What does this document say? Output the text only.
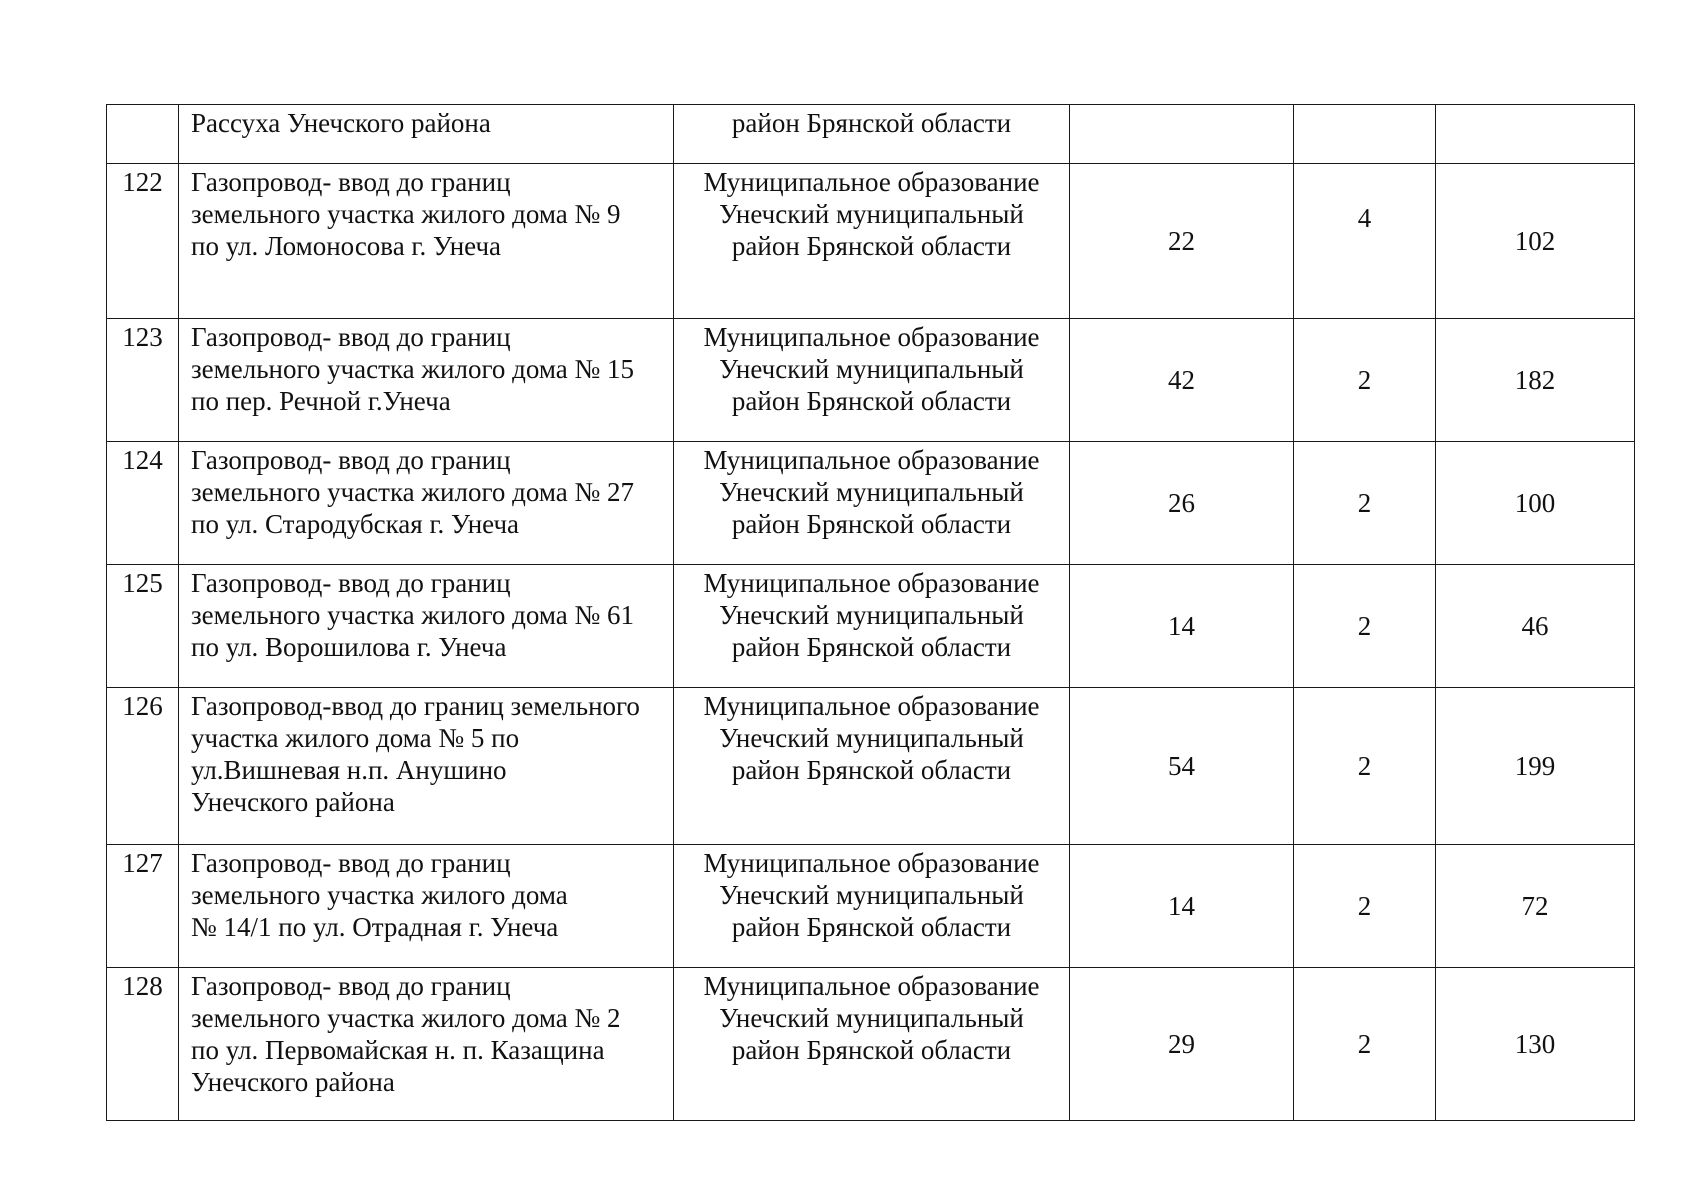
	Рассуха Унечского района	район Брянской области			

122	Газопровод- ввод до границ
земельного участка жилого дома № 9
по ул. Ломоносова г. Унеча	Муниципальное образование
Унечский муниципальный
район Брянской области	22	4	102

123	Газопровод- ввод до границ
земельного участка жилого дома № 15
по пер. Речной г.Унеча	Муниципальное образование
Унечский муниципальный
район Брянской области	42	2	182

124	Газопровод- ввод до границ
земельного участка жилого дома № 27
по ул. Стародубская г. Унеча	Муниципальное образование
Унечский муниципальный
район Брянской области	26	2	100

125	Газопровод- ввод до границ
земельного участка жилого дома № 61
по ул. Ворошилова г. Унеча	Муниципальное образование
Унечский муниципальный
район Брянской области	14	2	46

126	Газопровод-ввод до границ земельного
участка жилого дома № 5 по
ул.Вишневая н.п. Анушино
Унечского района	Муниципальное образование
Унечский муниципальный
район Брянской области	54	2	199

127	Газопровод- ввод до границ
земельного участка жилого дома
№ 14/1 по ул. Отрадная г. Унеча	Муниципальное образование
Унечский муниципальный
район Брянской области	14	2	72

128	Газопровод- ввод до границ
земельного участка жилого дома № 2
по ул. Первомайская н. п. Казащина
Унечского района	Муниципальное образование
Унечский муниципальный
район Брянской области	29	2	130
